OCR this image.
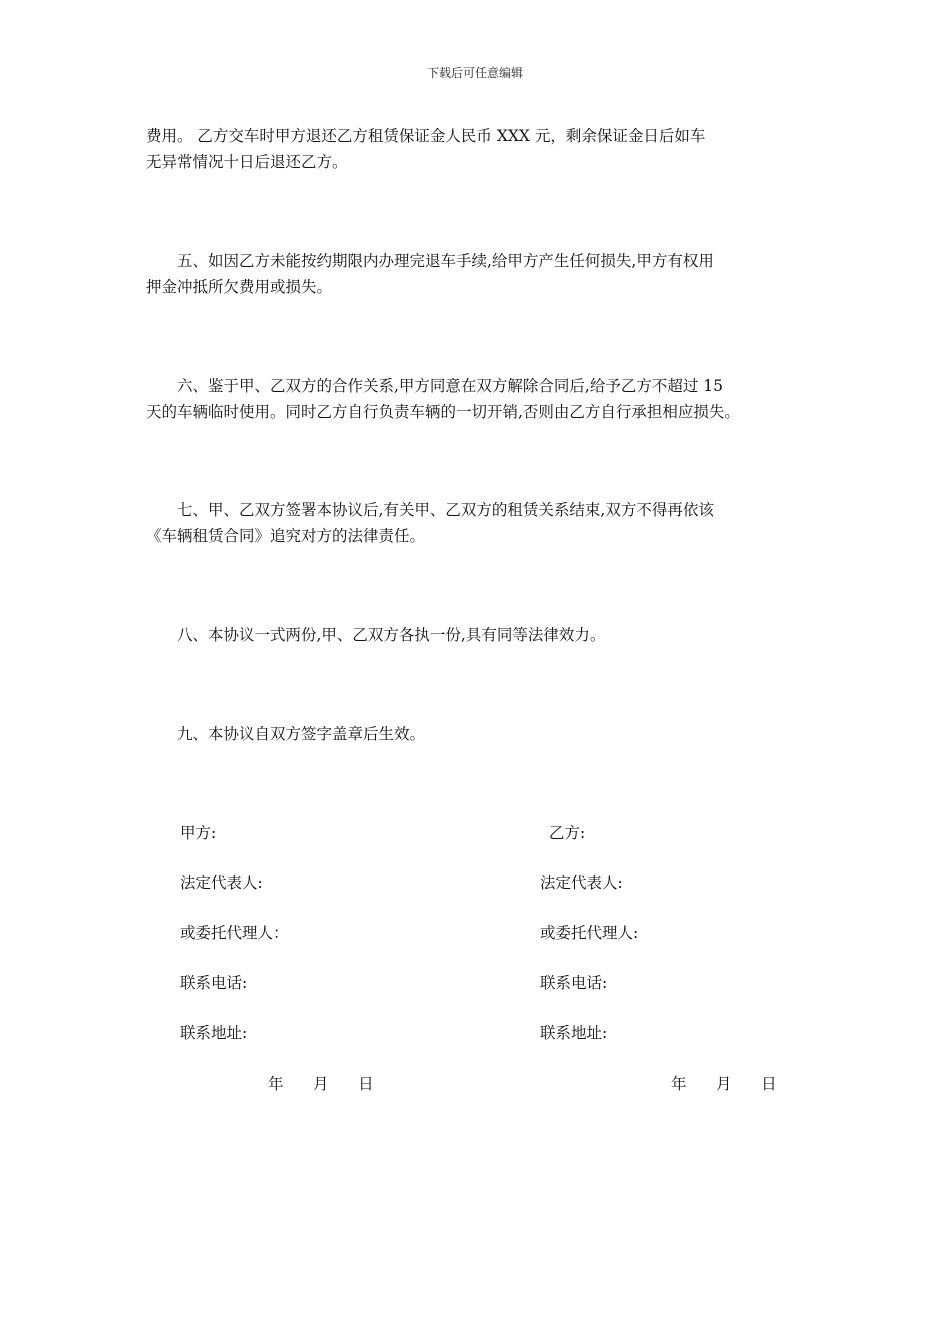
下载后可任意编辑
费用。 乙方交车时甲方退还乙方租赁保证金人民币 XXX 元，剩余保证金日后如车
无异常情况十日后退还乙方。
五、如因乙方未能按约期限内办理完退车手续,给甲方产生任何损失,甲方有权用
押金冲抵所欠费用或损失。
六、鉴于甲、乙双方的合作关系,甲方同意在双方解除合同后,给予乙方不超过 15
天的车辆临时使用。同时乙方自行负责车辆的一切开销,否则由乙方自行承担相应损失。
七、甲、乙双方签署本协议后,有关甲、乙双方的租赁关系结束,双方不得再依该
《车辆租赁合同》追究对方的法律责任。
八、本协议一式两份,甲、乙双方各执一份,具有同等法律效力。
九、本协议自双方签字盖章后生效。
甲方:
法定代表人:
或委托代理人：
联系电话:
联系地址:
年      月      日
乙方:
法定代表人:
或委托代理人:
联系电话:
联系地址:
年      月      日
